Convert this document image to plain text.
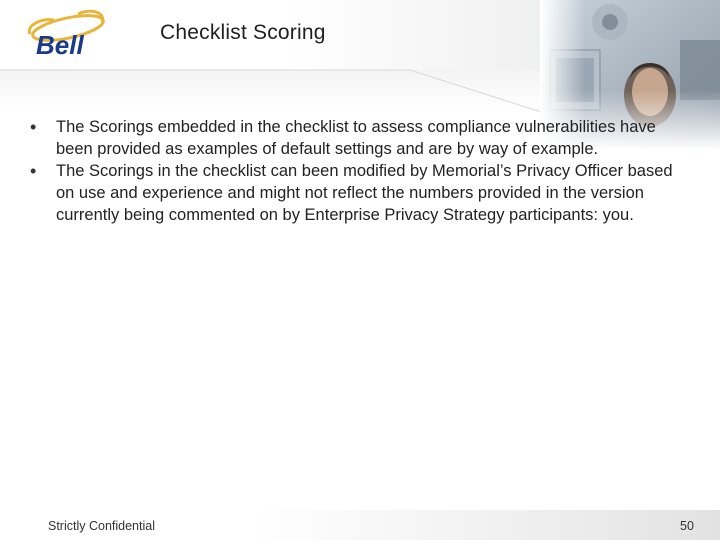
Bell	Checklist Scoring
• The Scorings embedded in the checklist to assess compliance vulnerabilities have been provided as examples of default settings and are by way of example.
• The Scorings in the checklist can been modified by Memorial’s Privacy Officer based on use and experience and might not reflect the numbers provided in the version currently being commented on by Enterprise Privacy Strategy participants: you.
Strictly Confidential	50
